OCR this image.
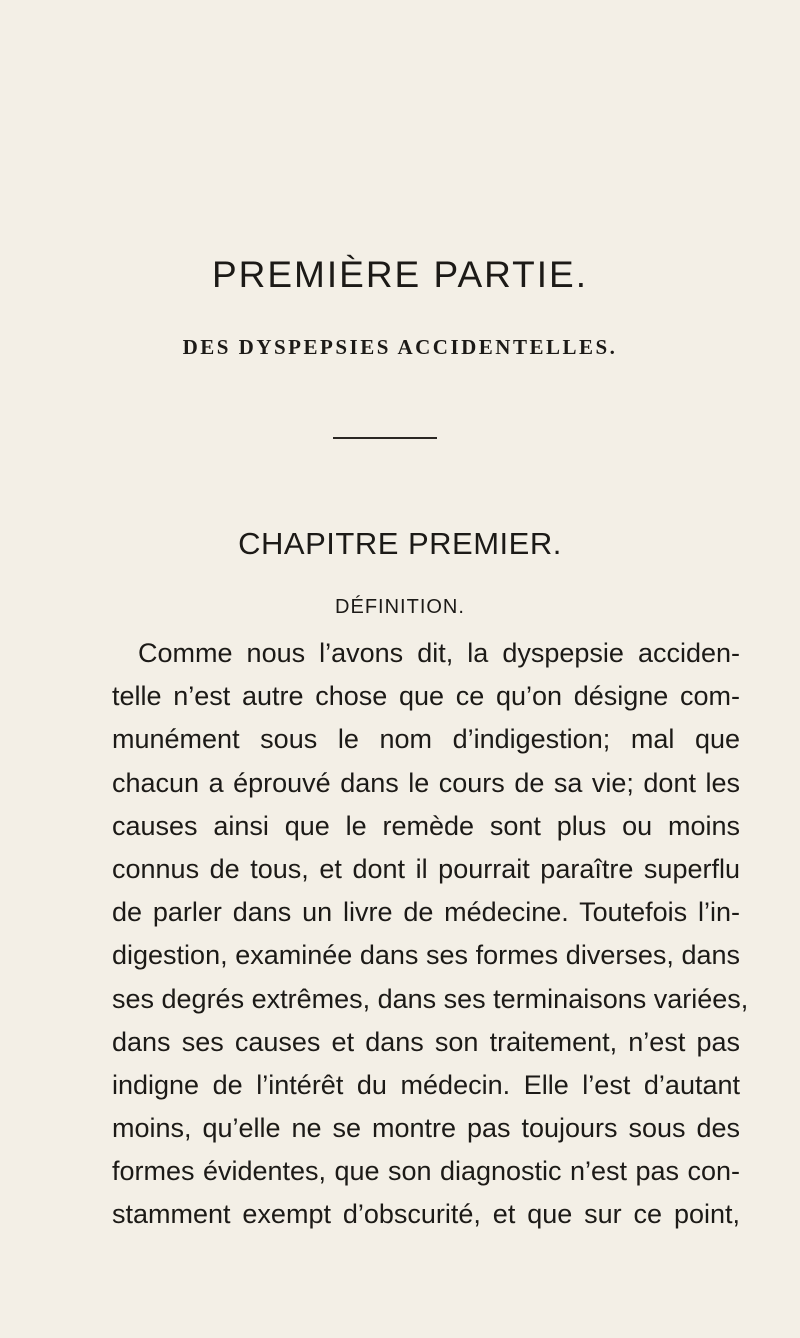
PREMIÈRE PARTIE.
DES DYSPEPSIES ACCIDENTELLES.
CHAPITRE PREMIER.
DÉFINITION.
Comme nous l’avons dit, la dyspepsie acciden-
telle n’est autre chose que ce qu’on désigne com-
munément sous le nom d’indigestion; mal que
chacun a éprouvé dans le cours de sa vie; dont les
causes ainsi que le remède sont plus ou moins
connus de tous, et dont il pourrait paraître superflu
de parler dans un livre de médecine. Toutefois l’in-
digestion, examinée dans ses formes diverses, dans
ses degrés extrêmes, dans ses terminaisons variées,
dans ses causes et dans son traitement, n’est pas
indigne de l’intérêt du médecin. Elle l’est d’autant
moins, qu’elle ne se montre pas toujours sous des
formes évidentes, que son diagnostic n’est pas con-
stamment exempt d’obscurité, et que sur ce point,
